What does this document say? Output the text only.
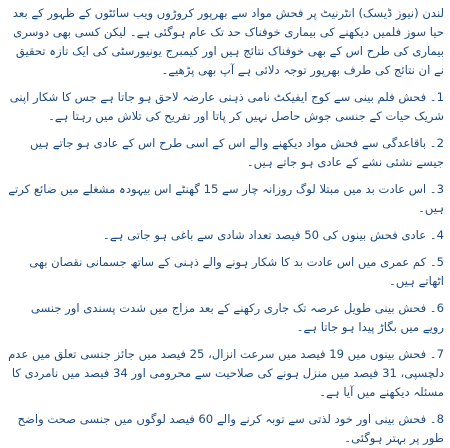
لندن (نیوز ڈیسک) انٹرنیٹ پر فحش مواد سے بھرپور کروڑوں ویب سائٹوں کے ظہور کے بعد حیا سوز فلمیں دیکھنے کی بیماری خوفناک حد تک عام ہوگئی ہے۔ لیکن کسی بھی دوسری بیماری کی طرح اس کے بھی خوفناک نتائج ہیں اور کیمبرج یونیورسٹی کی ایک تازہ تحقیق نے ان نتائج کی طرف بھرپور توجہ دلائی ہے آپ بھی پڑھیے۔

1۔ فحش فلم بینی سے کوج ایفیکٹ نامی ذہنی عارضہ لاحق ہو جاتا ہے جس کا شکار اپنی شریک حیات کے جنسی جوش حاصل نہیں کر پاتا اور تفریح کی تلاش میں رہتا ہے۔

2۔ باقاعدگی سے فحش مواد دیکھنے والے اس کے اسی طرح اس کے عادی ہو جاتے ہیں جیسے نشئی نشے کے عادی ہو جاتے ہیں۔

3۔ اس عادت بد میں مبتلا لوگ روزانہ چار سے 15 گھنٹے اس بیہودہ مشغلے میں ضائع کرتے ہیں۔

4۔ عادی فحش بینوں کی 50 فیصد تعداد شادی سے باغی ہو جاتی ہے۔

5۔ کم عمری میں اس عادت بد کا شکار ہونے والے ذہنی کے ساتھ جسمانی نقصان بھی اٹھاتے ہیں۔

6۔ فحش بینی طویل عرصہ تک جاری رکھنے کے بعد مزاج میں شدت پسندی اور جنسی رویے میں بگاڑ پیدا ہو جاتا ہے۔

7۔ فحش بینوں میں 19 فیصد میں سرعت انزال، 25 فیصد میں جائز جنسی تعلق میں عدم دلچسپی، 31 فیصد میں منزل ہونے کی صلاحیت سے محرومی اور 34 فیصد میں نامردی کا مسئلہ دیکھنے میں آیا ہے۔

8۔ فحش بینی اور خود لذتی سے توبہ کرنے والے 60 فیصد لوگوں میں جنسی صحت واضح طور پر بہتر ہوگئی۔
